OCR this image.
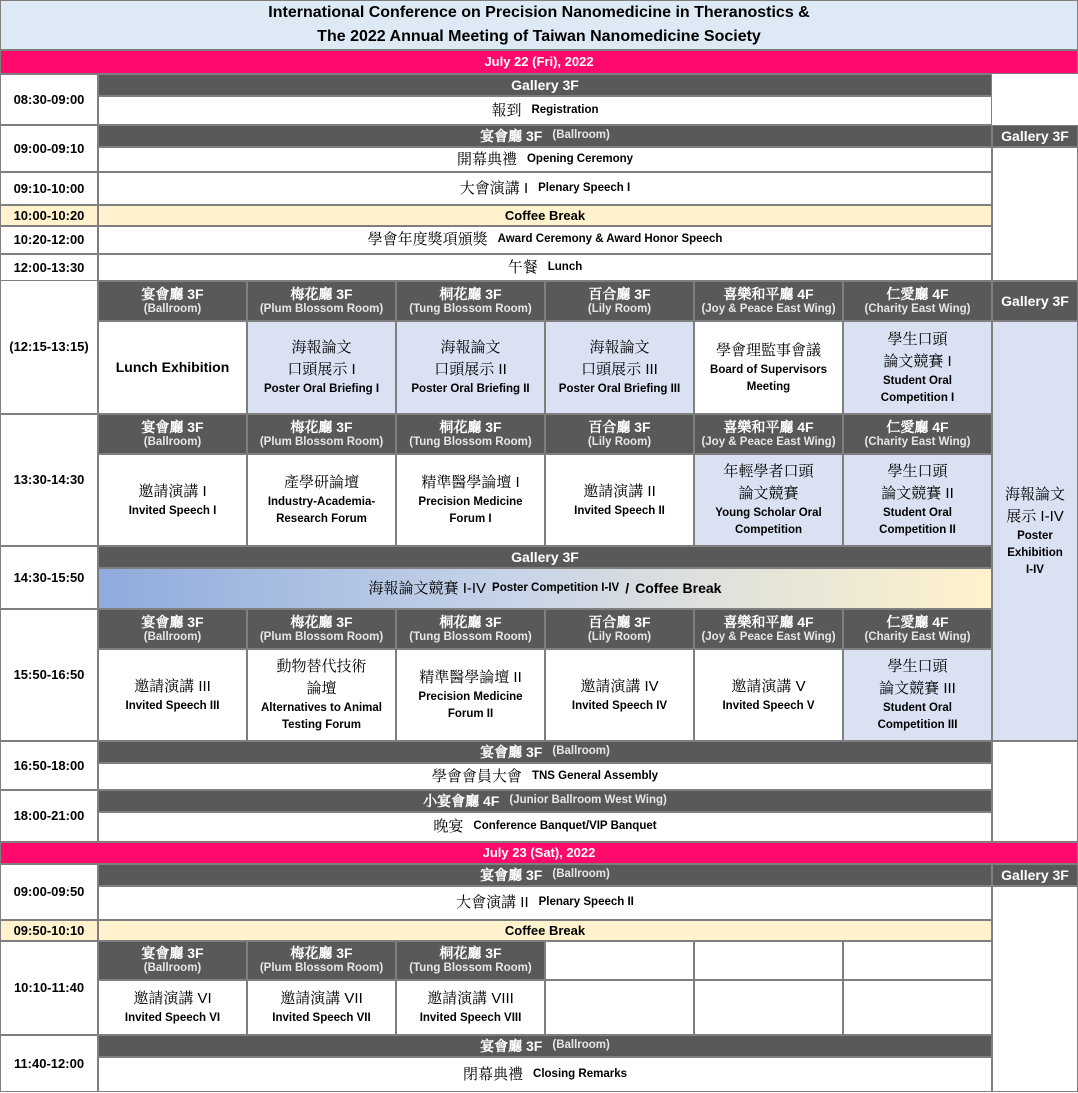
International Conference on Precision Nanomedicine in Theranostics &
The 2022 Annual Meeting of Taiwan Nanomedicine Society
July 22 (Fri), 2022
08:30-09:00
09:00-09:10
09:10-10:00
10:00-10:20
10:20-12:00
12:00-13:30
(12:15-13:15)
13:30-14:30
14:30-15:50
15:50-16:50
16:50-18:00
18:00-21:00
Gallery 3F
報到 Registration
Gallery 3F
宴會廳 3F (Ballroom)
開幕典禮 Opening Ceremony
大會演講 I Plenary Speech I
Coffee Break
學會年度獎項頒獎 Award Ceremony & Award Honor Speech
午餐 Lunch
宴會廳 3F
(Ballroom)
梅花廳 3F
(Plum Blossom Room)
桐花廳 3F
(Tung Blossom Room)
百合廳 3F
(Lily Room)
喜樂和平廳 4F
(Joy & Peace East Wing)
仁愛廳 4F
(Charity East Wing)	Gallery 3F
Lunch Exhibition
海報論文
口頭展示 I
Poster Oral Briefing I
海報論文
口頭展示 II
Poster Oral Briefing II
海報論文
口頭展示 III
Poster Oral Briefing III
學會理監事會議
Board of Supervisors
Meeting
學生口頭
論文競賽 I
Student Oral
Competition I
海報論文
展示 I-IV
Poster
Exhibition
I-IV
宴會廳 3F
(Ballroom)
梅花廳 3F
(Plum Blossom Room)
桐花廳 3F
(Tung Blossom Room)
百合廳 3F
(Lily Room)
喜樂和平廳 4F
(Joy & Peace East Wing)
仁愛廳 4F
(Charity East Wing)
邀請演講 I
Invited Speech I
產學研論壇
Industry-Academia-
Research Forum
精準醫學論壇 I
Precision Medicine
Forum I
邀請演講 II
Invited Speech II
年輕學者口頭
論文競賽
Young Scholar Oral
Competition
學生口頭
論文競賽 II
Student Oral
Competition II
Gallery 3F
海報論文競賽 I-IV Poster Competition I-IV / Coffee Break
宴會廳 3F
(Ballroom)
梅花廳 3F
(Plum Blossom Room)
桐花廳 3F
(Tung Blossom Room)
百合廳 3F
(Lily Room)
喜樂和平廳 4F
(Joy & Peace East Wing)
仁愛廳 4F
(Charity East Wing)
邀請演講 III
Invited Speech III
動物替代技術
論壇
Alternatives to Animal
Testing Forum
精準醫學論壇 II
Precision Medicine
Forum II
邀請演講 IV
Invited Speech IV
邀請演講 V
Invited Speech V
學生口頭
論文競賽 III
Student Oral
Competition III
宴會廳 3F (Ballroom)
學會會員大會 TNS General Assembly
小宴會廳 4F (Junior Ballroom West Wing)
晚宴 Conference Banquet/VIP Banquet
July 23 (Sat), 2022
09:00-09:50
09:50-10:10
10:10-11:40
11:40-12:00
宴會廳 3F (Ballroom)	Gallery 3F
大會演講 II Plenary Speech II
Coffee Break
宴會廳 3F
(Ballroom)
梅花廳 3F
(Plum Blossom Room)
桐花廳 3F
(Tung Blossom Room)
邀請演講 VI
Invited Speech VI
邀請演講 VII
Invited Speech VII
邀請演講 VIII
Invited Speech VIII
宴會廳 3F (Ballroom)
閉幕典禮 Closing Remarks
